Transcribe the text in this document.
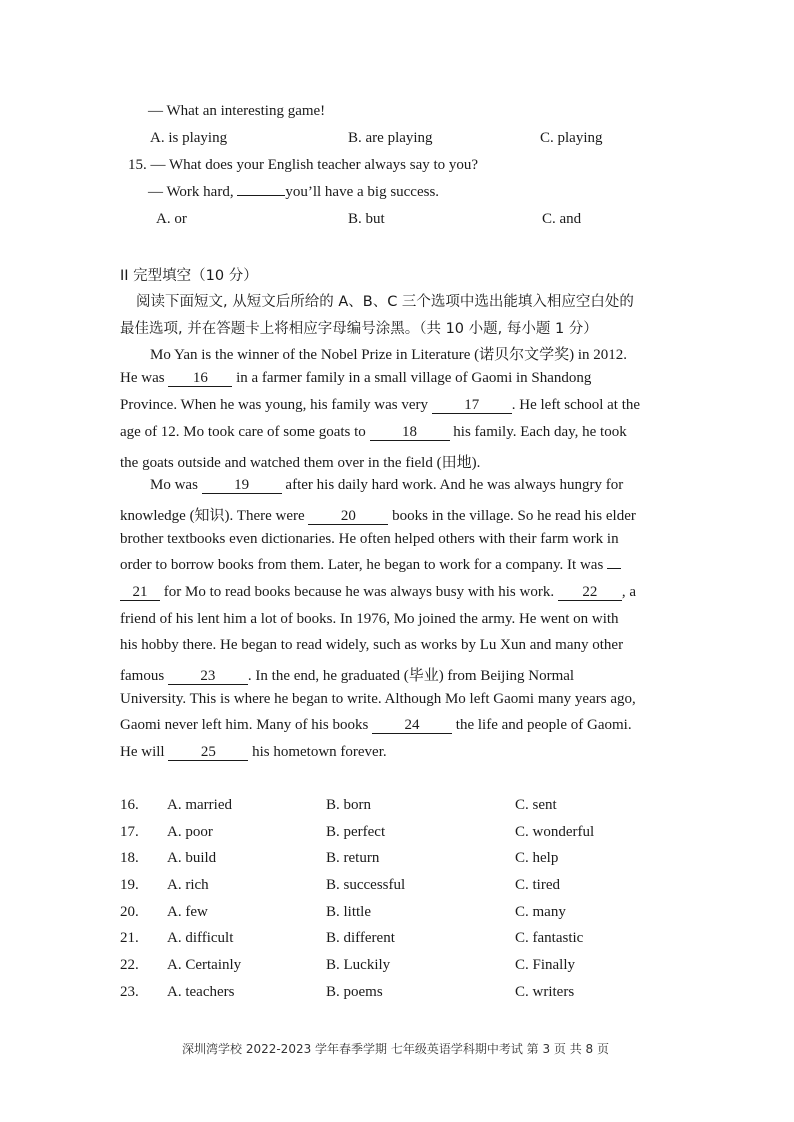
— What an interesting game!
A. is playing	B. are playing	C. playing
15. — What does your English teacher always say to you?
— Work hard,	you’ll have a big success.
A. or	B. but	C. and
II 完型填空（10 分）
阅读下面短文, 从短文后所给的 A、B、C 三个选项中选出能填入相应空白处的
最佳选项, 并在答题卡上将相应字母编号涂黑。（共 10 小题, 每小题 1 分）
Mo Yan is the winner of the Nobel Prize in Literature (诺贝尔文学奖) in 2012.
He was 16 in a farmer family in a small village of Gaomi in Shandong
Province. When he was young, his family was very 17 . He left school at the
age of 12. Mo took care of some goats to 18 his family. Each day, he took
the goats outside and watched them over in the field (田地).
Mo was 19 after his daily hard work. And he was always hungry for
knowledge (知识). There were 20 books in the village. So he read his elder
brother textbooks even dictionaries. He often helped others with their farm work in
order to borrow books from them. Later, he began to work for a company. It was
21 for Mo to read books because he was always busy with his work. 22 , a
friend of his lent him a lot of books. In 1976, Mo joined the army. He went on with
his hobby there. He began to read widely, such as works by Lu Xun and many other
famous 23 . In the end, he graduated (毕业) from Beijing Normal
University. This is where he began to write. Although Mo left Gaomi many years ago,
Gaomi never left him. Many of his books 24 the life and people of Gaomi.
He will 25 his hometown forever.
16. A. married	B. born	C. sent
17. A. poor	B. perfect	C. wonderful
18. A. build	B. return	C. help
19. A. rich	B. successful	C. tired
20. A. few	B. little	C. many
21. A. difficult	B. different	C. fantastic
22. A. Certainly	B. Luckily	C. Finally
23. A. teachers	B. poems	C. writers
深圳湾学校 2022-2023 学年春季学期 七年级英语学科期中考试 第 3 页 共 8 页
